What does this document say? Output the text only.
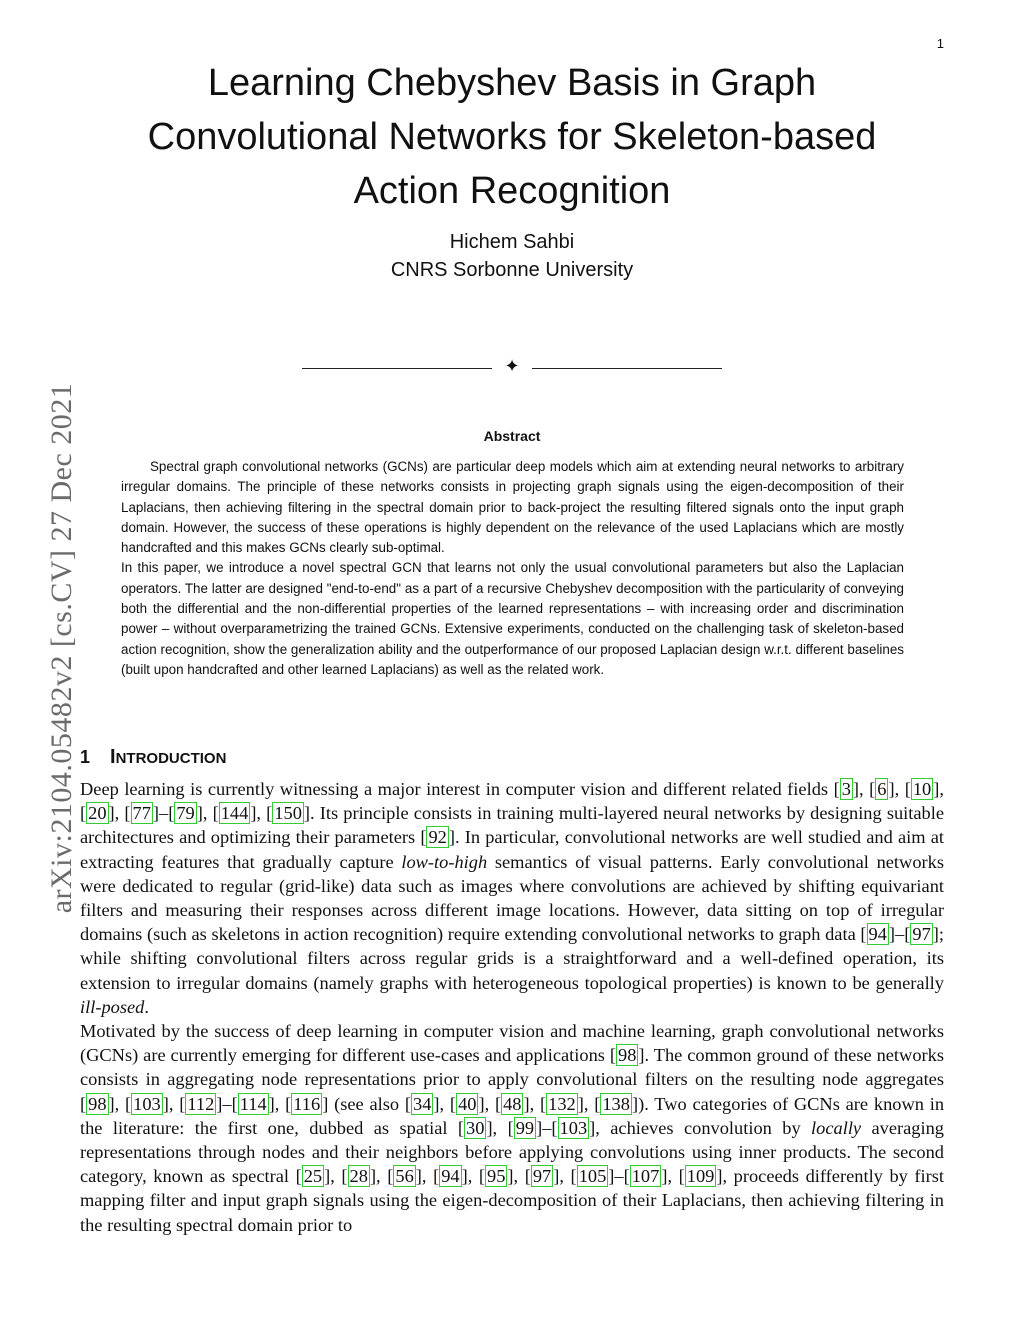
1
arXiv:2104.05482v2 [cs.CV] 27 Dec 2021
Learning Chebyshev Basis in Graph
Convolutional Networks for Skeleton-based
Action Recognition
Hichem Sahbi
CNRS Sorbonne University
✦
Abstract

Spectral graph convolutional networks (GCNs) are particular deep models which aim at extending neural networks to arbitrary irregular domains. The principle of these networks consists in projecting graph signals using the eigen-decomposition of their Laplacians, then achieving filtering in the spectral domain prior to back-project the resulting filtered signals onto the input graph domain. However, the success of these operations is highly dependent on the relevance of the used Laplacians which are mostly handcrafted and this makes GCNs clearly sub-optimal.

In this paper, we introduce a novel spectral GCN that learns not only the usual convolutional parameters but also the Laplacian operators. The latter are designed "end-to-end" as a part of a recursive Chebyshev decomposition with the particularity of conveying both the differential and the non-differential properties of the learned representations – with increasing order and discrimination power – without overparametrizing the trained GCNs. Extensive experiments, conducted on the challenging task of skeleton-based action recognition, show the generalization ability and the outperformance of our proposed Laplacian design w.r.t. different baselines (built upon handcrafted and other learned Laplacians) as well as the related work.

1 INTRODUCTION

Deep learning is currently witnessing a major interest in computer vision and different related fields [ 3 ], [ 6 ], [ 10 ], [ 20 ], [ 77 ]–[ 79 ], [ 144 ], [ 150 ]. Its principle consists in training multi-layered neural networks by designing suitable architectures and optimizing their parameters [ 92 ]. In particular, convolutional networks are well studied and aim at extracting features that gradually capture low-to-high semantics of visual patterns. Early convolutional networks were dedicated to regular (grid-like) data such as images where convolutions are achieved by shifting equivariant filters and measuring their responses across different image locations. However, data sitting on top of irregular domains (such as skeletons in action recognition) require extending convolutional networks to graph data [ 94 ]–[ 97 ]; while shifting convolutional filters across regular grids is a straightforward and a well-defined operation, its extension to irregular domains (namely graphs with heterogeneous topological properties) is known to be generally ill-posed.

Motivated by the success of deep learning in computer vision and machine learning, graph convolutional networks (GCNs) are currently emerging for different use-cases and applications [ 98 ]. The common ground of these networks consists in aggregating node representations prior to apply convolutional filters on the resulting node aggregates [ 98 ], [ 103 ], [ 112 ]–[ 114 ], [ 116 ] (see also [ 34 ], [ 40 ], [ 48 ], [ 132 ], [ 138 ]). Two categories of GCNs are known in the literature: the first one, dubbed as spatial [ 30 ], [ 99 ]–[ 103 ], achieves convolution by locally averaging representations through nodes and their neighbors before applying convolutions using inner products. The second category, known as spectral [ 25 ], [ 28 ], [ 56 ], [ 94 ], [ 95 ], [ 97 ], [ 105 ]–[ 107 ], [ 109 ], proceeds differently by first mapping filter and input graph signals using the eigen-decomposition of their Laplacians, then achieving filtering in the resulting spectral domain prior to
